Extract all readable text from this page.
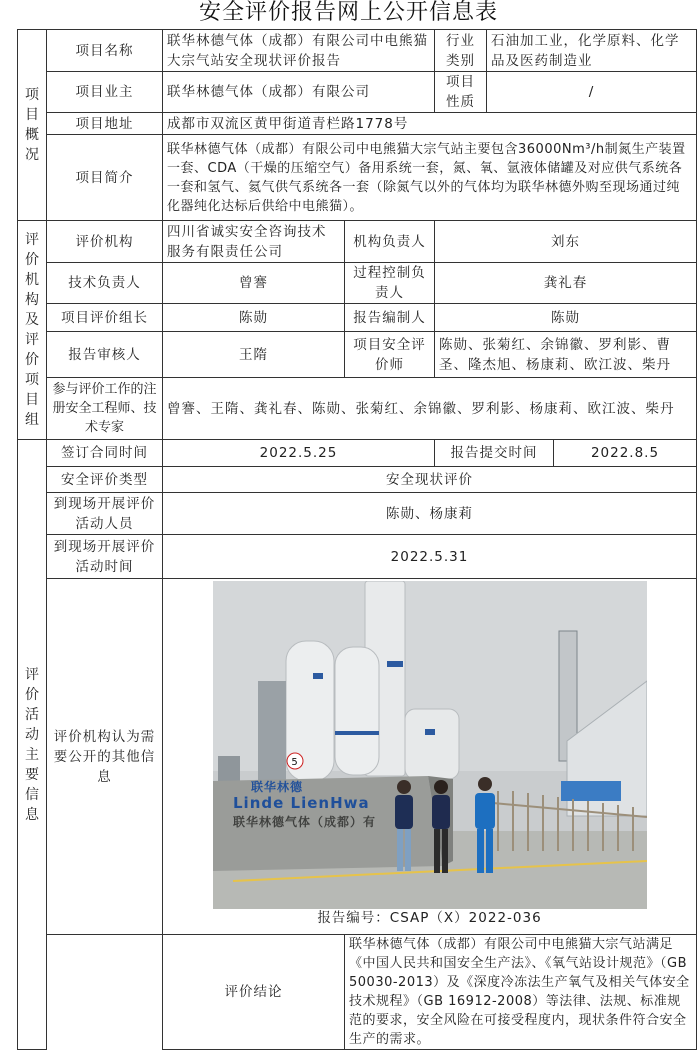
安全评价报告网上公开信息表
项目概况	项目名称	联华林德气体（成都）有限公司中电熊猫大宗气站安全现状评价报告		行业类别	石油加工业，化学原料、化学品及医药制造业
	项目业主	联华林德气体（成都）有限公司		项目性质	/
	项目地址	成都市双流区黄甲街道青栏路1778号			
	项目简介	联华林德气体（成都）有限公司中电熊猫大宗气站主要包含36000Nm³/h制氮生产装置一套、CDA（干燥的压缩空气）备用系统一套，氮、氧、氩液体储罐及对应供气系统各一套和氢气、氦气供气系统各一套（除氮气以外的气体均为联华林德外购至现场通过纯化器纯化达标后供给中电熊猫）。			

评价机构及评价项目组	评价机构	四川省诚实安全咨询技术服务有限责任公司	机构负责人	刘东	
	技术负责人	曾謇	过程控制负责人	龚礼春	
	项目评价组长	陈勋	报告编制人	陈勋	
	报告审核人	王隋	项目安全评价师	陈勋、张菊红、余锦徽、罗利影、曹圣、隆杰旭、杨康莉、欧江波、柴丹	
	参与评价工作的注册安全工程师、技术专家	曾謇、王隋、龚礼春、陈勋、张菊红、余锦徽、罗利影、杨康莉、欧江波、柴丹			

评价活动主要信息	签订合同时间	2022.5.25		报告提交时间 2022.8.5	

	安全评价类型	安全现状评价			
	到现场开展评价活动人员	陈勋、杨康莉			
	到现场开展评价活动时间	2022.5.31			
	评价机构认为需要公开的其他信息	联华林德
Linde LienHwa
联华林德气体（成都）有
5
报告编号：CSAP（X）2022-036			

		评价结论	联华林德气体（成都）有限公司中电熊猫大宗气站满足《中国人民共和国安全生产法》、《氧气站设计规范》（GB 50030-2013）及《深度冷冻法生产氧气及相关气体安全技术规程》（GB 16912-2008）等法律、法规、标准规范的要求，安全风险在可接受程度内，现状条件符合安全生产的需求。		
